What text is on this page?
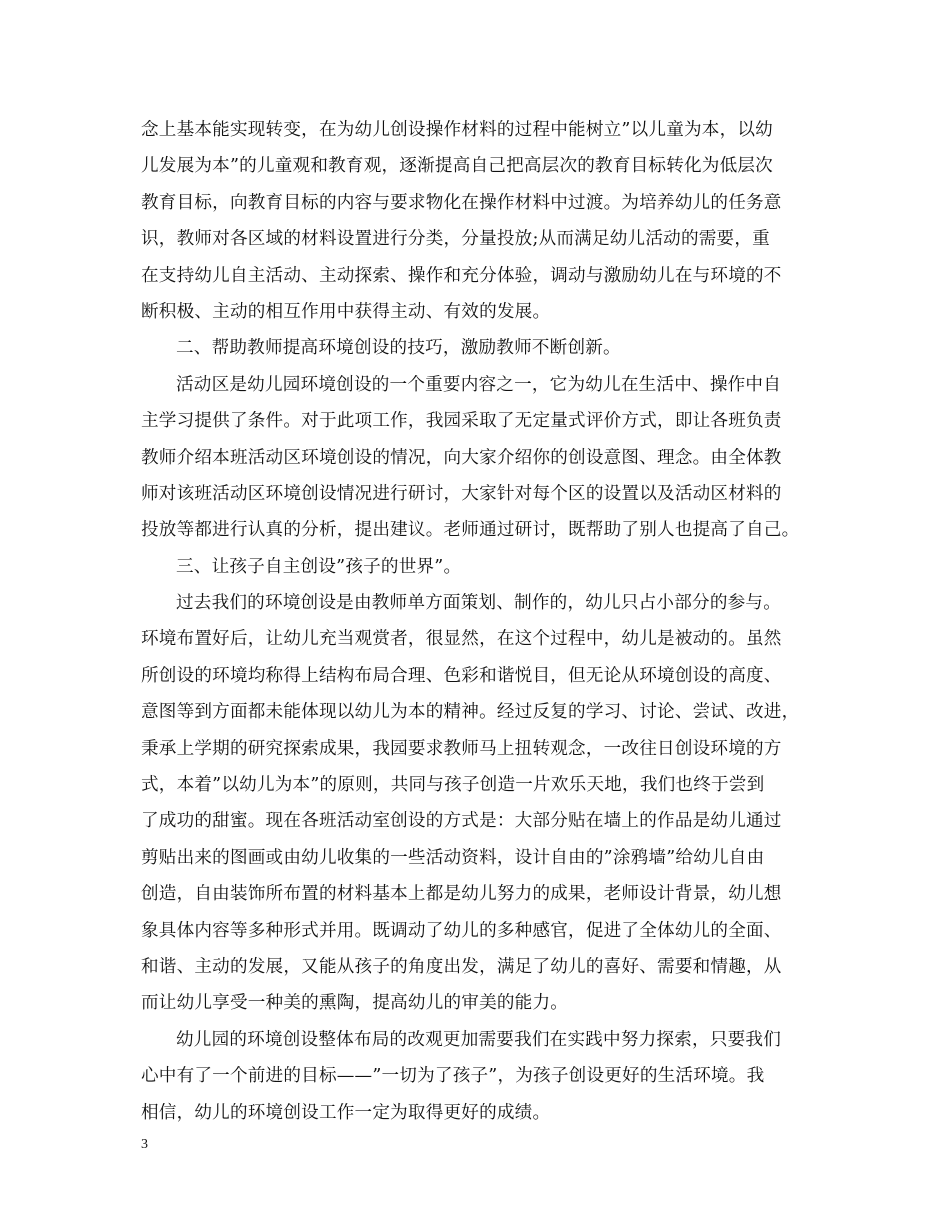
念上基本能实现转变，在为幼儿创设操作材料的过程中能树立”以儿童为本，以幼
儿发展为本”的儿童观和教育观，逐渐提高自己把高层次的教育目标转化为低层次
教育目标，向教育目标的内容与要求物化在操作材料中过渡。为培养幼儿的任务意
识，教师对各区域的材料设置进行分类，分量投放;从而满足幼儿活动的需要，重
在支持幼儿自主活动、主动探索、操作和充分体验，调动与激励幼儿在与环境的不
断积极、主动的相互作用中获得主动、有效的发展。
二、帮助教师提高环境创设的技巧，激励教师不断创新。
活动区是幼儿园环境创设的一个重要内容之一，它为幼儿在生活中、操作中自
主学习提供了条件。对于此项工作，我园采取了无定量式评价方式，即让各班负责
教师介绍本班活动区环境创设的情况，向大家介绍你的创设意图、理念。由全体教
师对该班活动区环境创设情况进行研讨，大家针对每个区的设置以及活动区材料的
投放等都进行认真的分析，提出建议。老师通过研讨，既帮助了别人也提高了自己。
三、让孩子自主创设”孩子的世界”。
过去我们的环境创设是由教师单方面策划、制作的，幼儿只占小部分的参与。
环境布置好后，让幼儿充当观赏者，很显然，在这个过程中，幼儿是被动的。虽然
所创设的环境均称得上结构布局合理、色彩和谐悦目，但无论从环境创设的高度、
意图等到方面都未能体现以幼儿为本的精神。经过反复的学习、讨论、尝试、改进，
秉承上学期的研究探索成果，我园要求教师马上扭转观念，一改往日创设环境的方
式，本着”以幼儿为本”的原则，共同与孩子创造一片欢乐天地，我们也终于尝到
了成功的甜蜜。现在各班活动室创设的方式是：大部分贴在墙上的作品是幼儿通过
剪贴出来的图画或由幼儿收集的一些活动资料，设计自由的”涂鸦墙”给幼儿自由
创造，自由装饰所布置的材料基本上都是幼儿努力的成果，老师设计背景，幼儿想
象具体内容等多种形式并用。既调动了幼儿的多种感官，促进了全体幼儿的全面、
和谐、主动的发展，又能从孩子的角度出发，满足了幼儿的喜好、需要和情趣，从
而让幼儿享受一种美的熏陶，提高幼儿的审美的能力。
幼儿园的环境创设整体布局的改观更加需要我们在实践中努力探索，只要我们
心中有了一个前进的目标——”一切为了孩子”，为孩子创设更好的生活环境。我
相信，幼儿的环境创设工作一定为取得更好的成绩。
3
